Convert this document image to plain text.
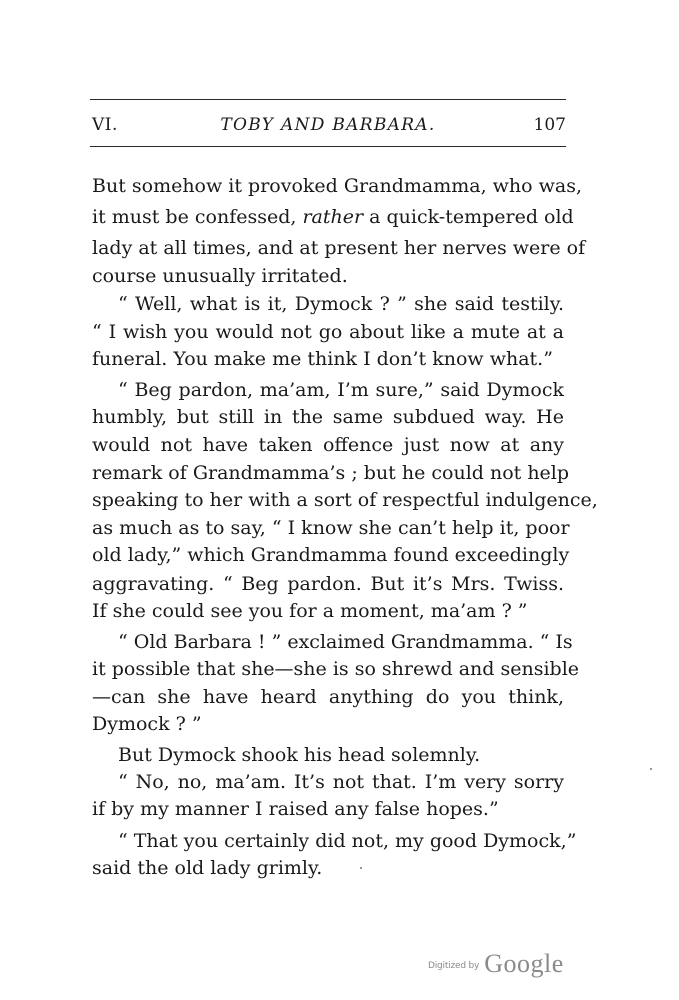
VI.	TOBY AND BARBARA.	107
But somehow it provoked Grandmamma, who was,
it must be confessed, rather a quick-tempered old
lady at all times, and at present her nerves were of
course unusually irritated.
“ Well, what is it, Dymock ? ” she said testily.
“ I wish you would not go about like a mute at a
funeral. You make me think I don’t know what.”
“ Beg pardon, ma’am, I’m sure,” said Dymock
humbly, but still in the same subdued way. He
would not have taken offence just now at any
remark of Grandmamma’s ; but he could not help
speaking to her with a sort of respectful indulgence,
as much as to say, “ I know she can’t help it, poor
old lady,” which Grandmamma found exceedingly
aggravating. “ Beg pardon. But it’s Mrs. Twiss.
If she could see you for a moment, ma’am ? ”
“ Old Barbara ! ” exclaimed Grandmamma. “ Is
it possible that she—she is so shrewd and sensible
—can she have heard anything do you think,
Dymock ? ”
But Dymock shook his head solemnly.
“ No, no, ma’am. It’s not that. I’m very sorry
if by my manner I raised any false hopes.”
“ That you certainly did not, my good Dymock,”
said the old lady grimly.
$^{Digitized by}$ Google
